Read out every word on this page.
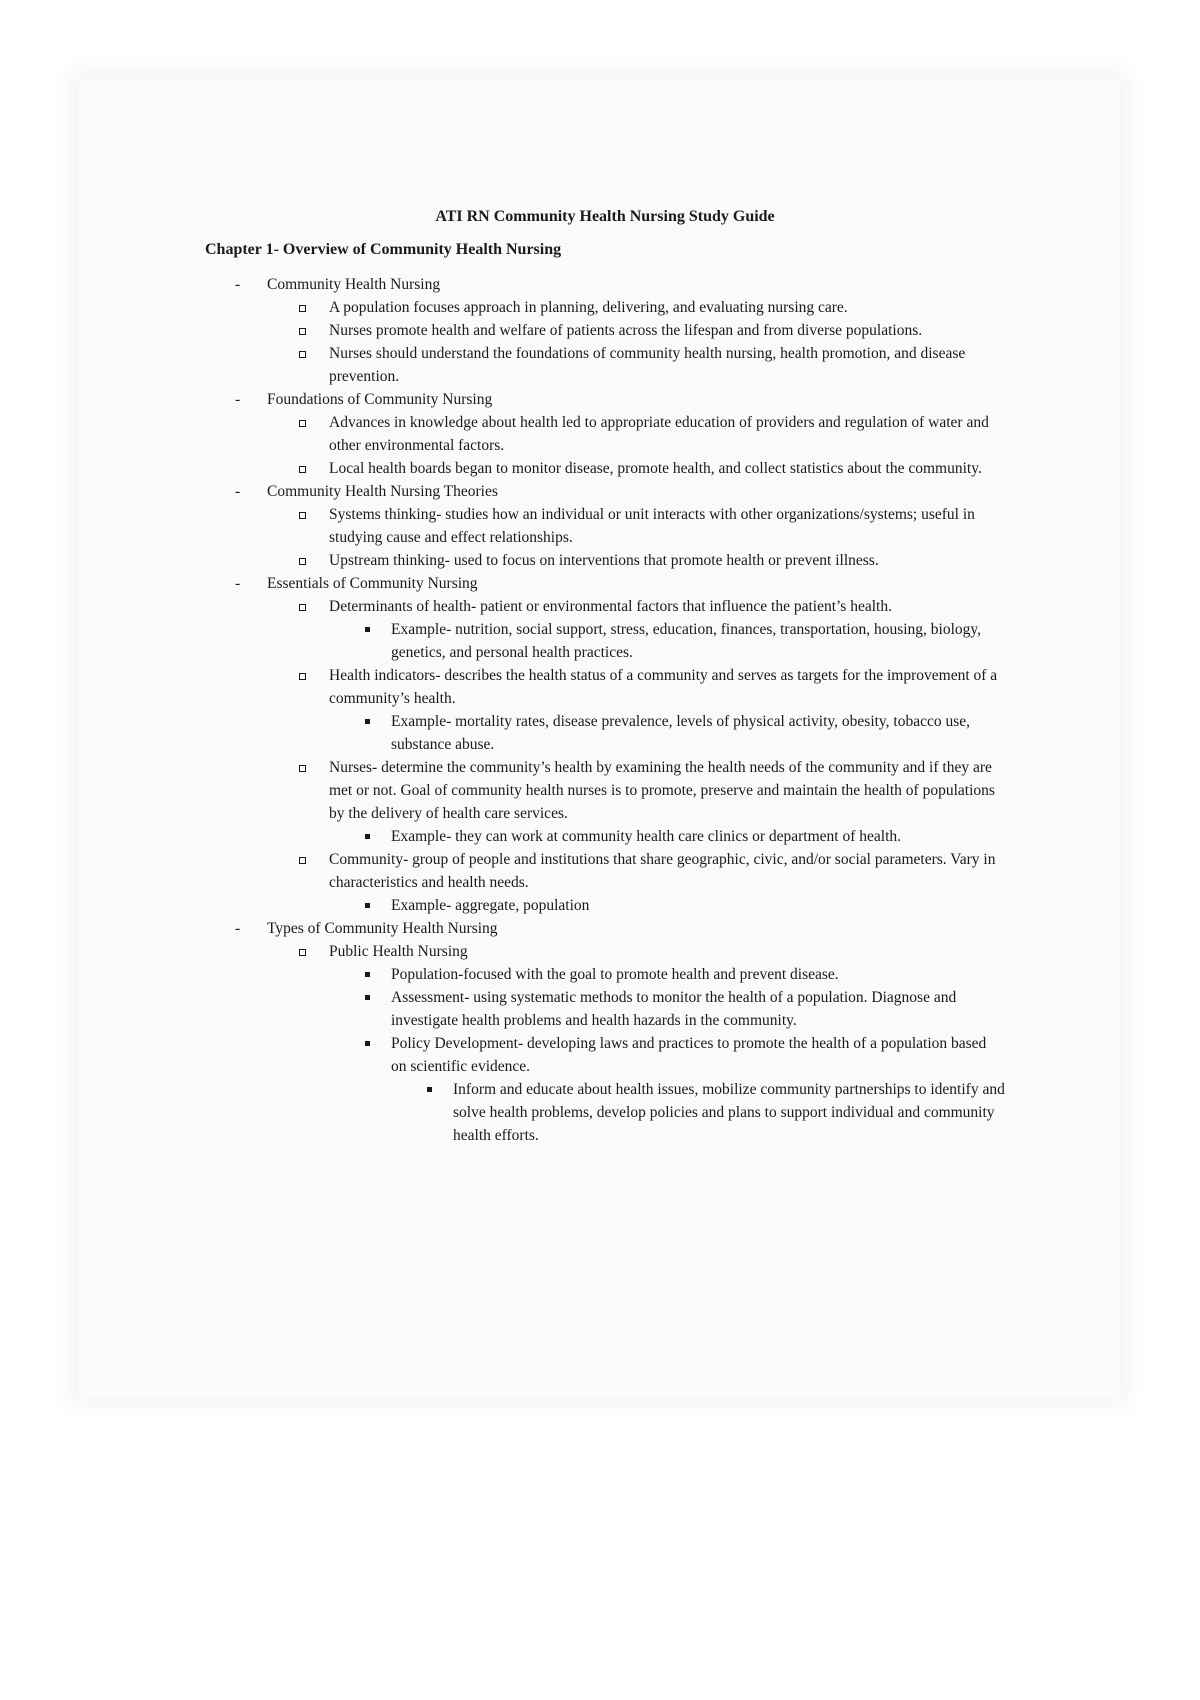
ATI RN Community Health Nursing Study Guide
Chapter 1- Overview of Community Health Nursing
- Community Health Nursing
A population focuses approach in planning, delivering, and evaluating nursing care.
Nurses promote health and welfare of patients across the lifespan and from diverse populations.
Nurses should understand the foundations of community health nursing, health promotion, and disease prevention.
- Foundations of Community Nursing
Advances in knowledge about health led to appropriate education of providers and regulation of water and other environmental factors.
Local health boards began to monitor disease, promote health, and collect statistics about the community.
- Community Health Nursing Theories
Systems thinking- studies how an individual or unit interacts with other organizations/systems; useful in studying cause and effect relationships.
Upstream thinking- used to focus on interventions that promote health or prevent illness.
- Essentials of Community Nursing
Determinants of health- patient or environmental factors that influence the patient’s health.
Example- nutrition, social support, stress, education, finances, transportation, housing, biology, genetics, and personal health practices.
Health indicators- describes the health status of a community and serves as targets for the improvement of a community’s health.
Example- mortality rates, disease prevalence, levels of physical activity, obesity, tobacco use, substance abuse.
Nurses- determine the community’s health by examining the health needs of the community and if they are met or not. Goal of community health nurses is to promote, preserve and maintain the health of populations by the delivery of health care services.
Example- they can work at community health care clinics or department of health.
Community- group of people and institutions that share geographic, civic, and/or social parameters. Vary in characteristics and health needs.
Example- aggregate, population
- Types of Community Health Nursing
Public Health Nursing
Population-focused with the goal to promote health and prevent disease.
Assessment- using systematic methods to monitor the health of a population. Diagnose and investigate health problems and health hazards in the community.
Policy Development- developing laws and practices to promote the health of a population based on scientific evidence.
Inform and educate about health issues, mobilize community partnerships to identify and solve health problems, develop policies and plans to support individual and community health efforts.
